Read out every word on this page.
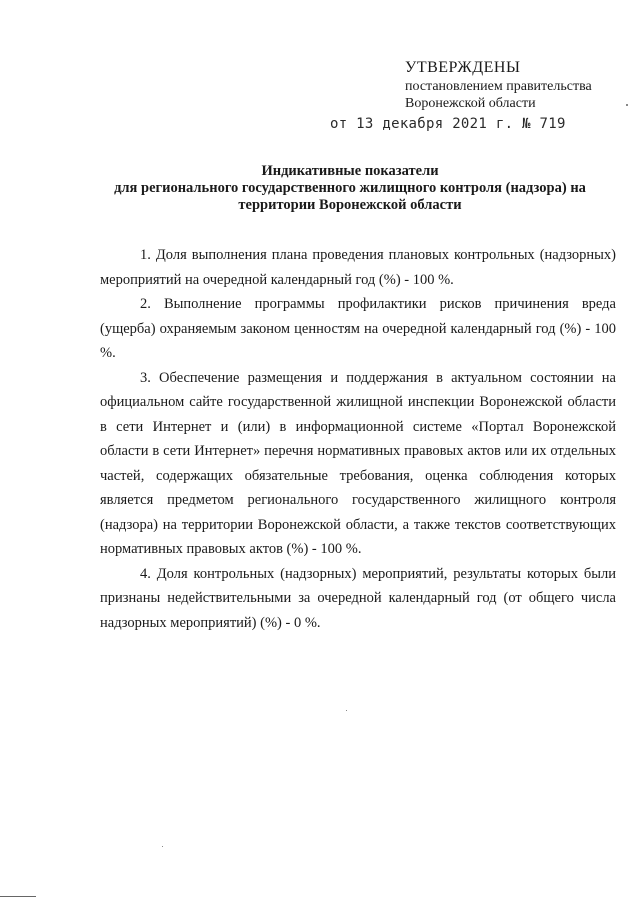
УТВЕРЖДЕНЫ
постановлением правительства
Воронежской области
от 13 декабря 2021 г. № 719
Индикативные показатели
для регионального государственного жилищного контроля (надзора) на
территории Воронежской области

1. Доля выполнения плана проведения плановых контрольных (надзорных) мероприятий на очередной календарный год (%) - 100 %.

2. Выполнение программы профилактики рисков причинения вреда (ущерба) охраняемым законом ценностям на очередной календарный год (%) - 100 %.

3. Обеспечение размещения и поддержания в актуальном состоянии на официальном сайте государственной жилищной инспекции Воронежской области в сети Интернет и (или) в информационной системе «Портал Воронежской области в сети Интернет» перечня нормативных правовых актов или их отдельных частей, содержащих обязательные требования, оценка соблюдения которых является предметом регионального государственного жилищного контроля (надзора) на территории Воронежской области, а также текстов соответствующих нормативных правовых актов (%) - 100 %.

4. Доля контрольных (надзорных) мероприятий, результаты которых были признаны недействительными за очередной календарный год (от общего числа надзорных мероприятий) (%) - 0 %.
